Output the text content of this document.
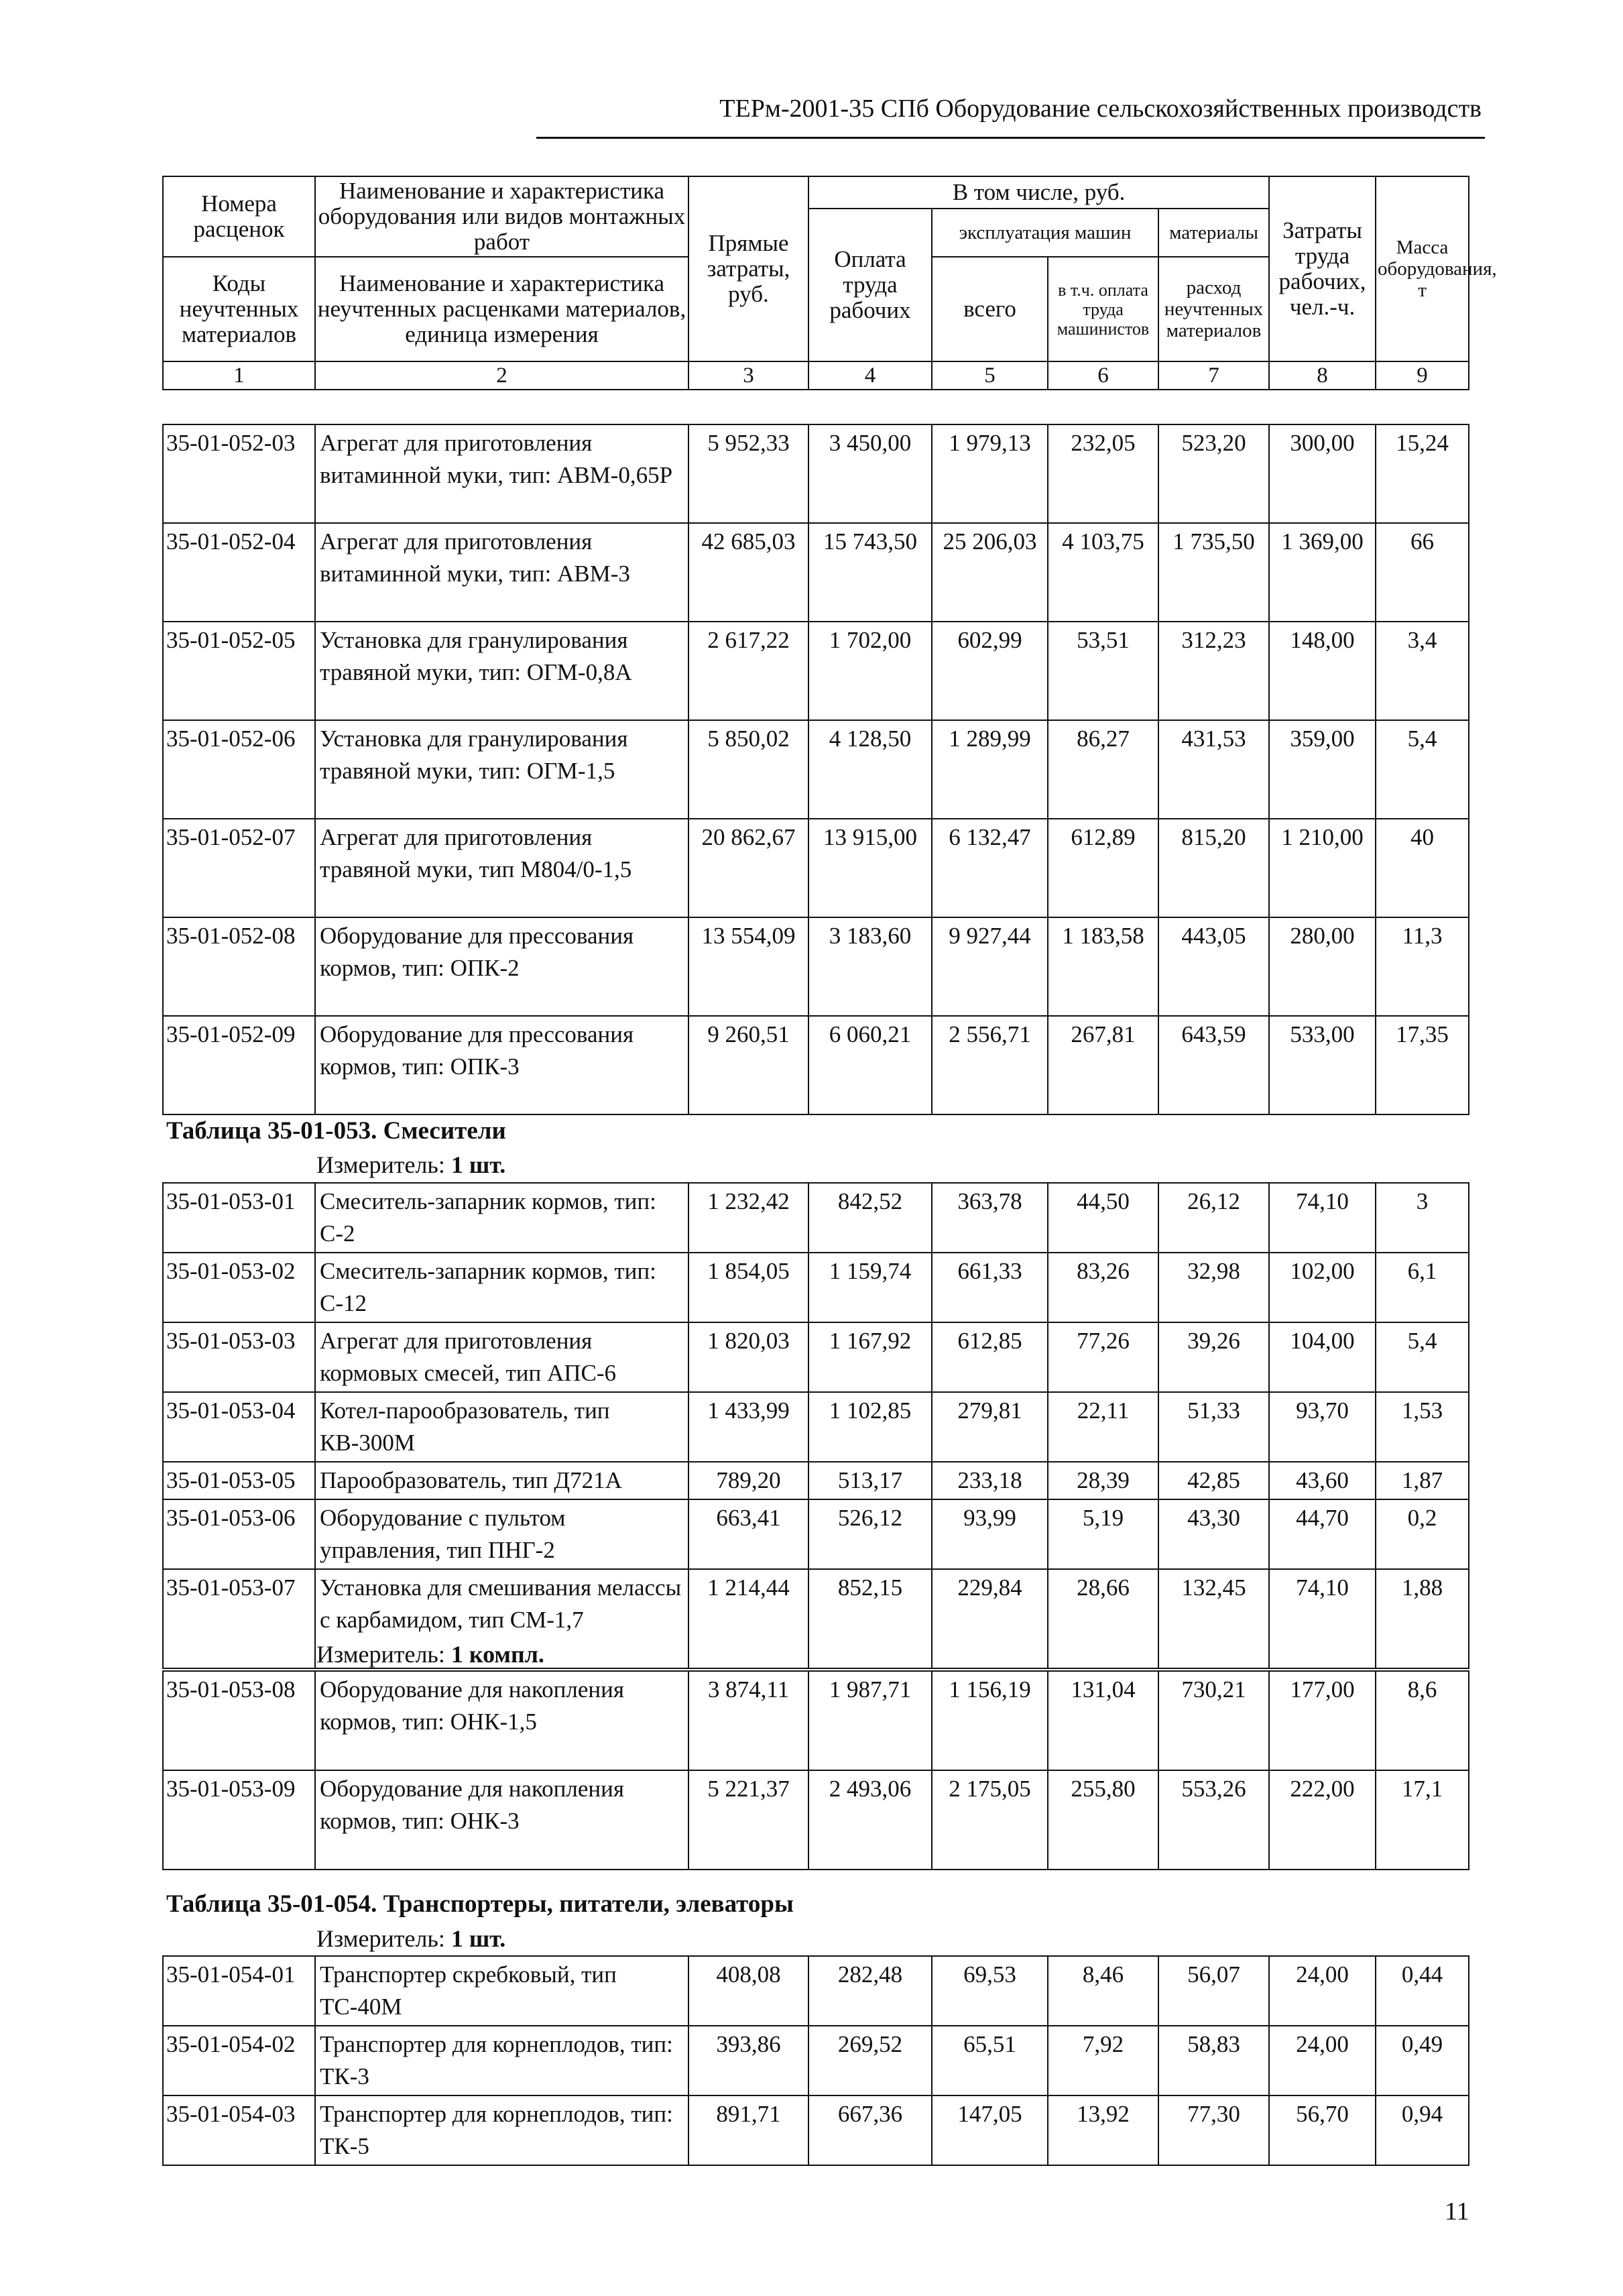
ТЕРм-2001-35 СПб Оборудование сельскохозяйственных производств
Номера расценок	Наименование и характеристика оборудования или видов монтажных работ	Прямые затраты, руб.	В том числе, руб.				Затраты труда рабочих, чел.-ч.	Масса оборудования, т
			Оплата труда рабочих	эксплуатация машин		материалы		
Коды неучтенных материалов	Наименование и характеристика неучтенных расценками материалов, единица измерения			всего	в т.ч. оплата труда машинистов	расход неучтенных материалов		

1	2	3	4	5	6	7	8	9
35-01-052-03	Агрегат для приготовления витаминной муки, тип: АВМ-0,65Р	5 952,33	3 450,00	1 979,13	232,05	523,20	300,00	15,24
35-01-052-04	Агрегат для приготовления витаминной муки, тип: АВМ-3	42 685,03	15 743,50	25 206,03	4 103,75	1 735,50	1 369,00	66
35-01-052-05	Установка для гранулирования травяной муки, тип: ОГМ-0,8А	2 617,22	1 702,00	602,99	53,51	312,23	148,00	3,4
35-01-052-06	Установка для гранулирования травяной муки, тип: ОГМ-1,5	5 850,02	4 128,50	1 289,99	86,27	431,53	359,00	5,4
35-01-052-07	Агрегат для приготовления травяной муки, тип М804/0-1,5	20 862,67	13 915,00	6 132,47	612,89	815,20	1 210,00	40
35-01-052-08	Оборудование для прессования кормов, тип: ОПК-2	13 554,09	3 183,60	9 927,44	1 183,58	443,05	280,00	11,3
35-01-052-09	Оборудование для прессования кормов, тип: ОПК-3	9 260,51	6 060,21	2 556,71	267,81	643,59	533,00	17,35
Таблица 35-01-053. Смесители
Измеритель: 1 шт.
35-01-053-01	Смеситель-запарник кормов, тип: С-2	1 232,42	842,52	363,78	44,50	26,12	74,10	3
35-01-053-02	Смеситель-запарник кормов, тип: С-12	1 854,05	1 159,74	661,33	83,26	32,98	102,00	6,1
35-01-053-03	Агрегат для приготовления кормовых смесей, тип АПС-6	1 820,03	1 167,92	612,85	77,26	39,26	104,00	5,4
35-01-053-04	Котел-парообразователь, тип КВ-300М	1 433,99	1 102,85	279,81	22,11	51,33	93,70	1,53
35-01-053-05	Парообразователь, тип Д721А	789,20	513,17	233,18	28,39	42,85	43,60	1,87
35-01-053-06	Оборудование с пультом управления, тип ПНГ-2	663,41	526,12	93,99	5,19	43,30	44,70	0,2
35-01-053-07	Установка для смешивания мелассы с карбамидом, тип СМ-1,7	1 214,44	852,15	229,84	28,66	132,45	74,10	1,88
Измеритель: 1 компл.
35-01-053-08	Оборудование для накопления кормов, тип: ОНК-1,5	3 874,11	1 987,71	1 156,19	131,04	730,21	177,00	8,6
35-01-053-09	Оборудование для накопления кормов, тип: ОНК-3	5 221,37	2 493,06	2 175,05	255,80	553,26	222,00	17,1
Таблица 35-01-054. Транспортеры, питатели, элеваторы
Измеритель: 1 шт.
35-01-054-01	Транспортер скребковый, тип ТС-40М	408,08	282,48	69,53	8,46	56,07	24,00	0,44
35-01-054-02	Транспортер для корнеплодов, тип: ТК-3	393,86	269,52	65,51	7,92	58,83	24,00	0,49
35-01-054-03	Транспортер для корнеплодов, тип: ТК-5	891,71	667,36	147,05	13,92	77,30	56,70	0,94
11
